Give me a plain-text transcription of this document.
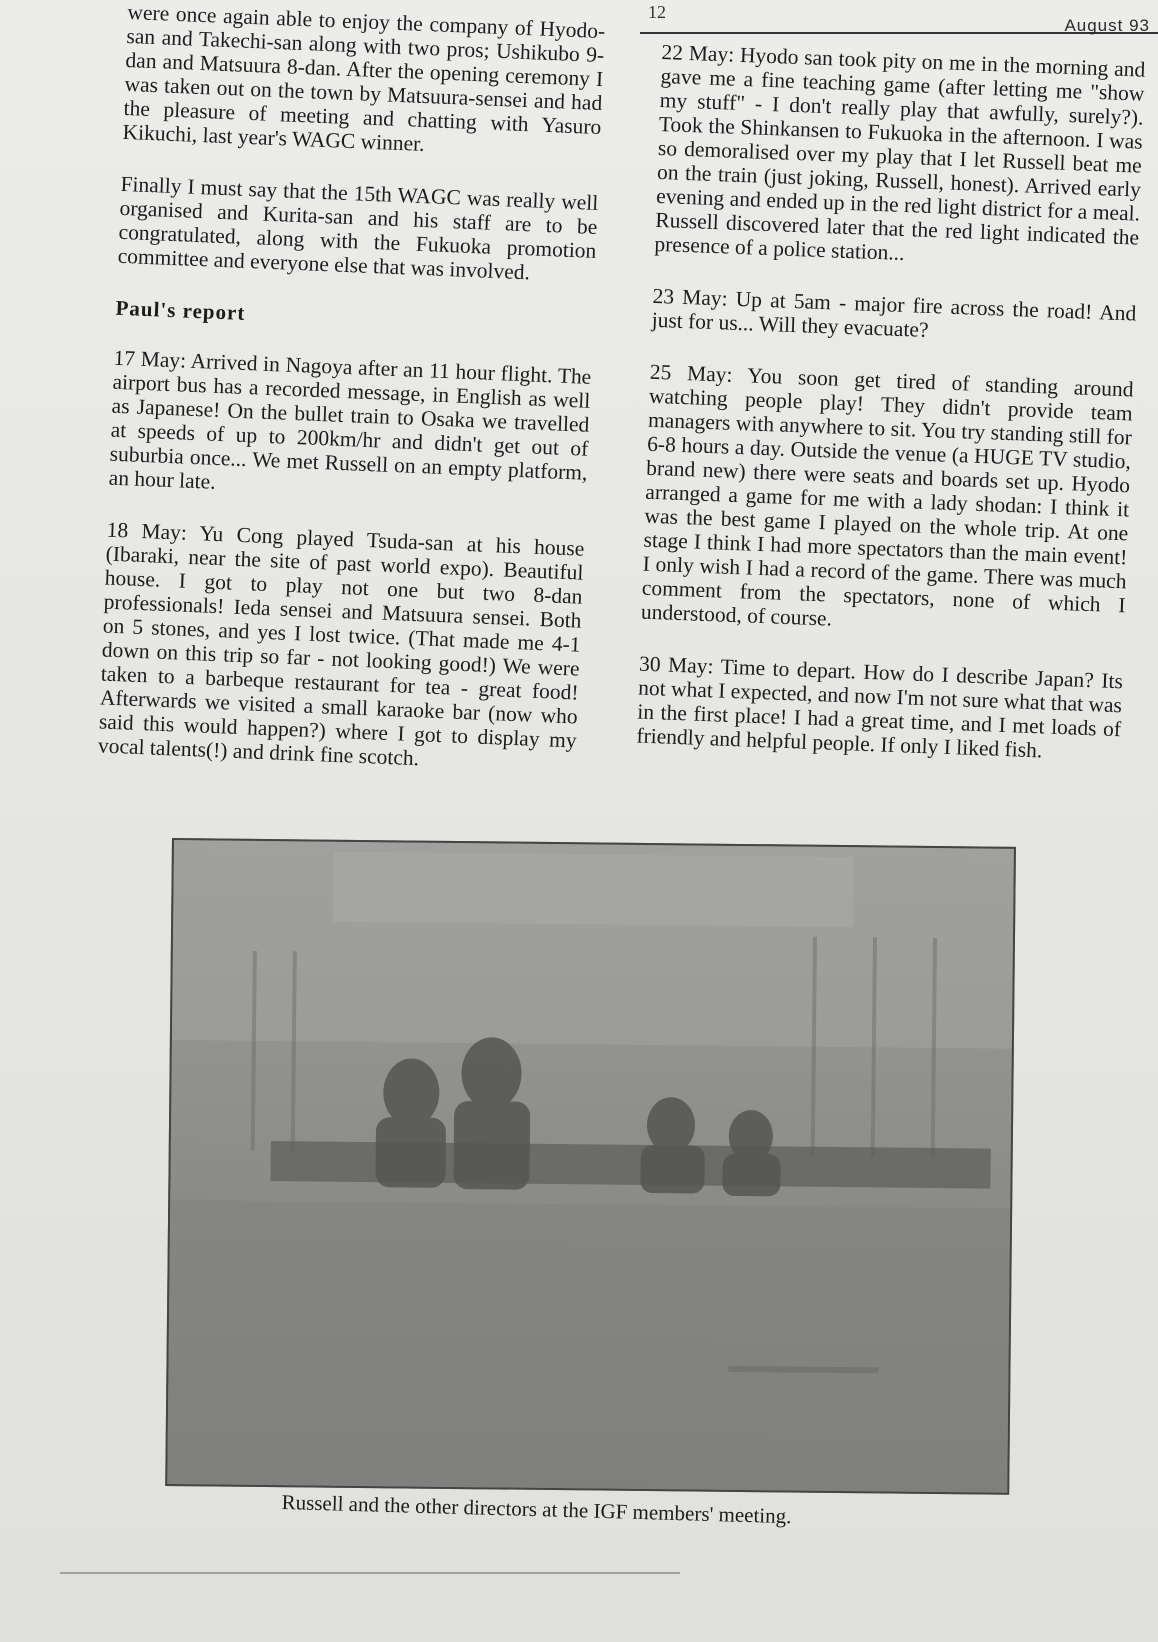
12
August 93

were once again able to enjoy the company of Hyodo-san and Takechi-san along with two pros; Ushikubo 9-dan and Matsuura 8-dan. After the opening ceremony I was taken out on the town by Matsuura-sensei and had the pleasure of meeting and chatting with Yasuro Kikuchi, last year's WAGC winner.

Finally I must say that the 15th WAGC was really well organised and Kurita-san and his staff are to be congratulated, along with the Fukuoka promotion committee and everyone else that was involved.

Paul's report

17 May: Arrived in Nagoya after an 11 hour flight. The airport bus has a recorded message, in English as well as Japanese! On the bullet train to Osaka we travelled at speeds of up to 200km/hr and didn't get out of suburbia once... We met Russell on an empty platform, an hour late.

18 May: Yu Cong played Tsuda-san at his house (Ibaraki, near the site of past world expo). Beautiful house. I got to play not one but two 8-dan professionals! Ieda sensei and Matsuura sensei. Both on 5 stones, and yes I lost twice. (That made me 4-1 down on this trip so far - not looking good!) We were taken to a barbeque restaurant for tea - great food! Afterwards we visited a small karaoke bar (now who said this would happen?) where I got to display my vocal talents(!) and drink fine scotch.

22 May: Hyodo san took pity on me in the morning and gave me a fine teaching game (after letting me "show my stuff" - I don't really play that awfully, surely?). Took the Shinkansen to Fukuoka in the afternoon. I was so demoralised over my play that I let Russell beat me on the train (just joking, Russell, honest). Arrived early evening and ended up in the red light district for a meal. Russell discovered later that the red light indicated the presence of a police station...

23 May: Up at 5am - major fire across the road! And just for us... Will they evacuate?

25 May: You soon get tired of standing around watching people play! They didn't provide team managers with anywhere to sit. You try standing still for 6-8 hours a day. Outside the venue (a HUGE TV studio, brand new) there were seats and boards set up. Hyodo arranged a game for me with a lady shodan: I think it was the best game I played on the whole trip. At one stage I think I had more spectators than the main event! I only wish I had a record of the game. There was much comment from the spectators, none of which I understood, of course.

30 May: Time to depart. How do I describe Japan? Its not what I expected, and now I'm not sure what that was in the first place! I had a great time, and I met loads of friendly and helpful people. If only I liked fish.

Russell and the other directors at the IGF members' meeting.
